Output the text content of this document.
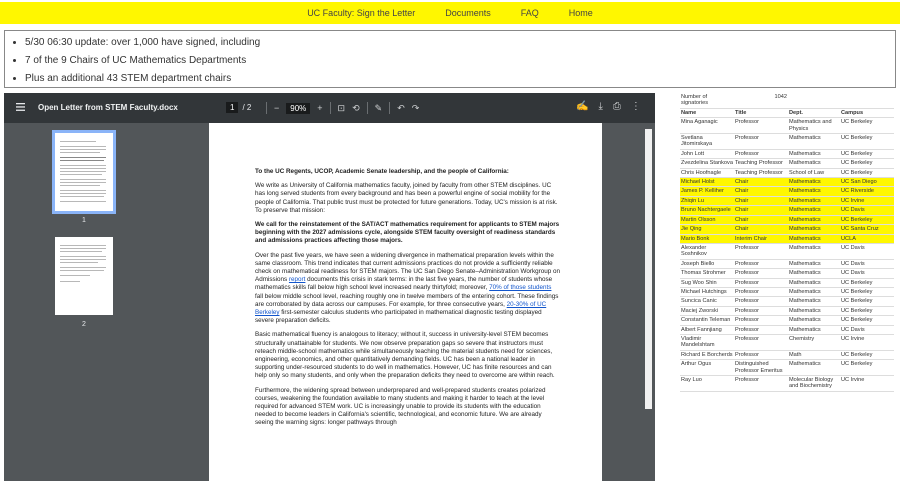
UC Faculty: Sign the Letter	Documents	FAQ	Home
• 5/30 06:30 update: over 1,000 have signed, including
• 7 of the 9 Chairs of UC Mathematics Departments
• Plus an additional 43 STEM department chairs
Open Letter from STEM Faculty.docx	1	/ 2	−	90%	+ ⊡ ⟲ ✎ ↶ ↷	✍ ⤓ ⎙ ⋮
1
2

To the UC Regents, UCOP, Academic Senate leadership, and the people of California:

We write as University of California mathematics faculty, joined by faculty from other STEM disciplines. UC has long served students from every background and has been a powerful engine of social mobility for the people of California. That public trust must be protected for future generations. Today, UC's mission is at risk. To preserve that mission:

We call for the reinstatement of the SAT/ACT mathematics requirement for applicants to STEM majors beginning with the 2027 admissions cycle, alongside STEM faculty oversight of readiness standards and admissions practices affecting those majors.

Over the past five years, we have seen a widening divergence in mathematical preparation levels within the same classroom. This trend indicates that current admissions practices do not provide a sufficiently reliable check on mathematical readiness for STEM majors. The UC San Diego Senate–Administration Workgroup on Admissions report documents this crisis in stark terms: in the last five years, the number of students whose mathematics skills fall below high school level increased nearly thirtyfold; moreover, 70% of those students fall below middle school level, reaching roughly one in twelve members of the entering cohort. These findings are corroborated by data across our campuses. For example, for three consecutive years, 20-30% of UC Berkeley first-semester calculus students who participated in mathematical diagnostic testing displayed severe preparation deficits.

Basic mathematical fluency is analogous to literacy; without it, success in university-level STEM becomes structurally unattainable for students. We now observe preparation gaps so severe that instructors must reteach middle-school mathematics while simultaneously teaching the material students need for sciences, engineering, economics, and other quantitatively demanding fields. UC has been a national leader in supporting under-resourced students to do well in mathematics. However, UC has finite resources and can help only so many students, and only when the preparation deficits they need to overcome are within reach.

Furthermore, the widening spread between underprepared and well-prepared students creates polarized courses, weakening the foundation available to many students and making it harder to teach at the level required for advanced STEM work. UC is increasingly unable to provide its students with the education needed to become leaders in California's scientific, technological, and economic future. We are already seeing the warning signs: longer pathways through

Number of signatories	1042		
Name	Title	Dept.	Campus
Mina Aganagic	Professor	Mathematics and Physics	UC Berkeley
Svetlana Jitomirskaya	Professor	Mathematics	UC Berkeley
John Lott	Professor	Mathematics	UC Berkeley
Zvezdelina Stankova	Teaching Professor	Mathematics	UC Berkeley
Chris Hoofnagle	Teaching Professor	School of Law	UC Berkeley
Michael Holst	Chair	Mathematics	UC San Diego
James P. Kelliher	Chair	Mathematics	UC Riverside
Zhiqin Lu	Chair	Mathematics	UC Irvine
Bruno Nachtergaele	Chair	Mathematics	UC Davis
Martin Olsson	Chair	Mathematics	UC Berkeley
Jie Qing	Chair	Mathematics	UC Santa Cruz
Mario Bonk	Interim Chair	Mathematics	UCLA
Alexander Soshnikov	Professor	Mathematics	UC Davis
Joseph Biello	Professor	Mathematics	UC Davis
Thomas Strohmer	Professor	Mathematics	UC Davis
Sug Woo Shin	Professor	Mathematics	UC Berkeley
Michael Hutchings	Professor	Mathematics	UC Berkeley
Suncica Canic	Professor	Mathematics	UC Berkeley
Maciej Zworski	Professor	Mathematics	UC Berkeley
Constantin Teleman	Professor	Mathematics	UC Berkeley
Albert Fannjiang	Professor	Mathematics	UC Davis
Vladimir Mandelshtam	Professor	Chemistry	UC Irvine
Richard E Borcherds	Professor	Math	UC Berkeley
Arthur Ogus	Distinguished Professor Emeritus	Mathematics	UC Berkeley
Ray Luo	Professor	Molecular Biology and Biochemistry	UC Irvine
